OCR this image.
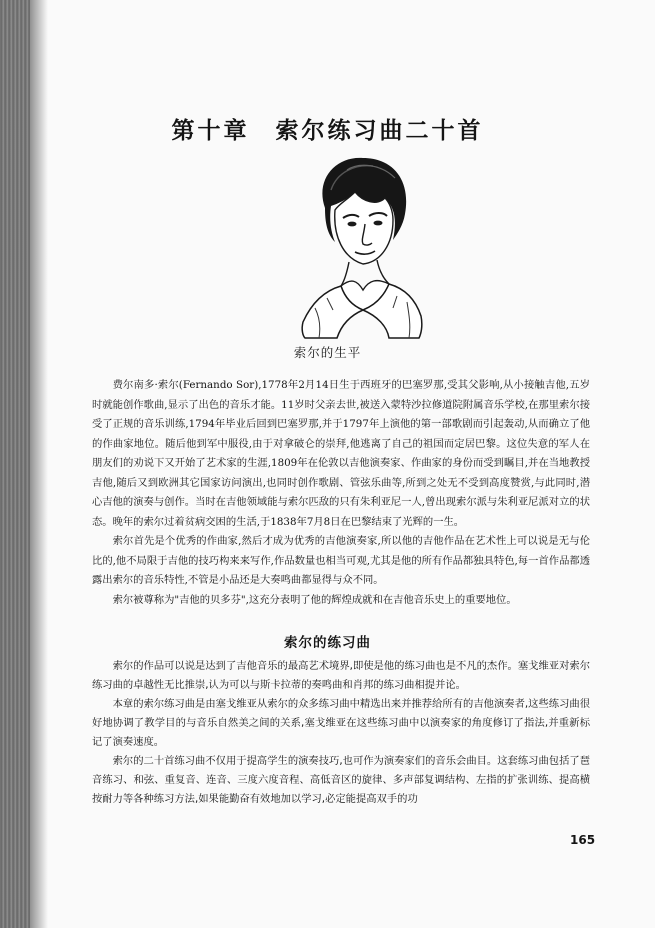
第十章 索尔练习曲二十首
索尔的生平

费尔南多·索尔(Fernando Sor),1778年2月14日生于西班牙的巴塞罗那,受其父影响,从小接触吉他,五岁时就能创作歌曲,显示了出色的音乐才能。11岁时父亲去世,被送入蒙特沙拉修道院附属音乐学校,在那里索尔接受了正规的音乐训练,1794年毕业后回到巴塞罗那,并于1797年上演他的第一部歌剧而引起轰动,从而确立了他的作曲家地位。随后他到军中服役,由于对拿破仑的崇拜,他逃离了自己的祖国而定居巴黎。这位失意的军人在朋友们的劝说下又开始了艺术家的生涯,1809年在伦敦以吉他演奏家、作曲家的身份而受到瞩目,并在当地教授吉他,随后又到欧洲其它国家访问演出,也同时创作歌剧、管弦乐曲等,所到之处无不受到高度赞赏,与此同时,潜心吉他的演奏与创作。当时在吉他领域能与索尔匹敌的只有朱利亚尼一人,曾出现索尔派与朱利亚尼派对立的状态。晚年的索尔过着贫病交困的生活,于1838年7月8日在巴黎结束了光辉的一生。

索尔首先是个优秀的作曲家,然后才成为优秀的吉他演奏家,所以他的吉他作品在艺术性上可以说是无与伦比的,他不局限于吉他的技巧构来来写作,作品数量也相当可观,尤其是他的所有作品都独具特色,每一首作品都透露出索尔的音乐特性,不管是小品还是大奏鸣曲都显得与众不同。

索尔被尊称为"吉他的贝多芬",这充分表明了他的辉煌成就和在吉他音乐史上的重要地位。

索尔的练习曲

索尔的作品可以说是达到了吉他音乐的最高艺术境界,即使是他的练习曲也是不凡的杰作。塞戈维亚对索尔练习曲的卓越性无比推崇,认为可以与斯卡拉蒂的奏鸣曲和肖邦的练习曲相提并论。

本章的索尔练习曲是由塞戈维亚从索尔的众多练习曲中精选出来并推荐给所有的吉他演奏者,这些练习曲很好地协调了教学目的与音乐自然美之间的关系,塞戈维亚在这些练习曲中以演奏家的角度修订了指法,并重新标记了演奏速度。

索尔的二十首练习曲不仅用于提高学生的演奏技巧,也可作为演奏家们的音乐会曲目。这套练习曲包括了琶音练习、和弦、重复音、连音、三度六度音程、高低音区的旋律、多声部复调结构、左指的扩张训练、提高横按耐力等各种练习方法,如果能勤奋有效地加以学习,必定能提高双手的功

165
